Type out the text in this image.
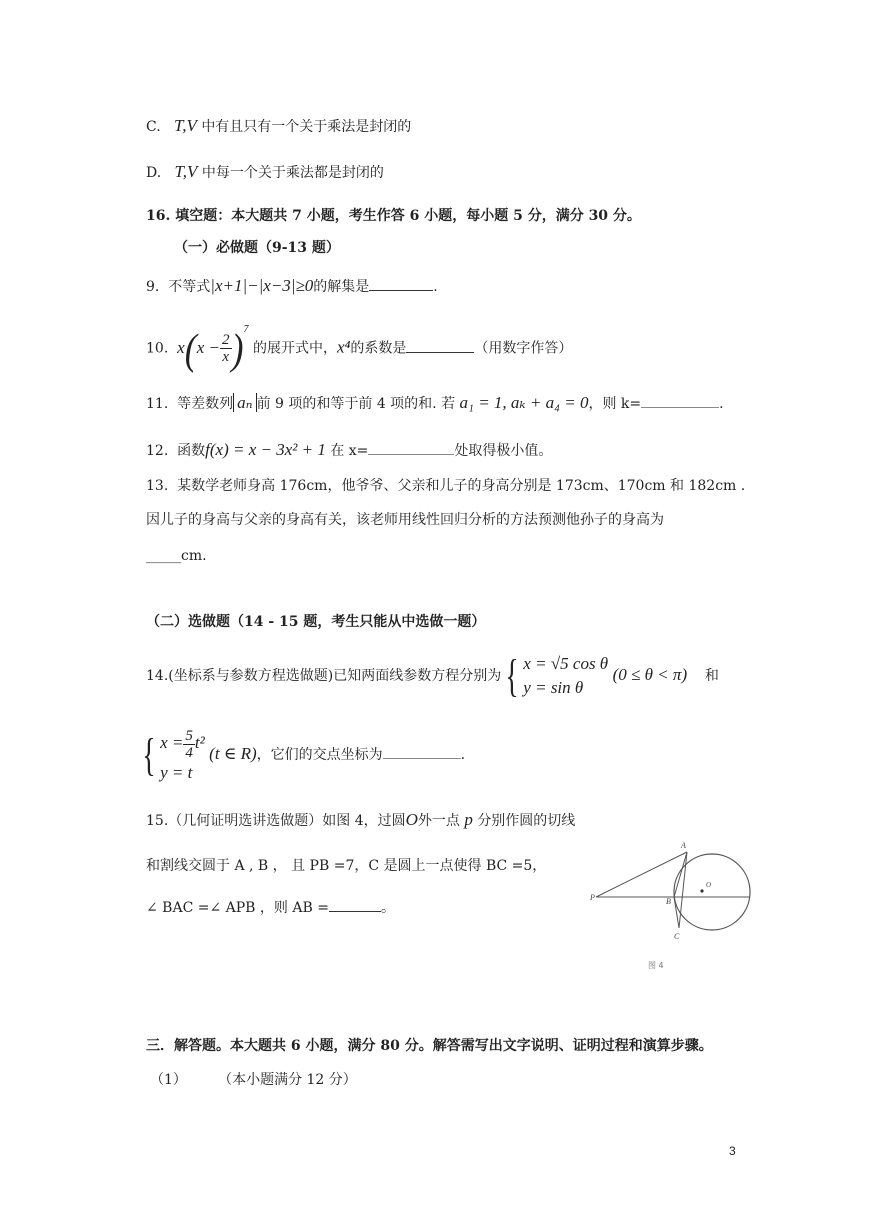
C. T,V 中有且只有一个关于乘法是封闭的
D. T,V 中每一个关于乘法都是封闭的
16. 填空题：本大题共 7 小题，考生作答 6 小题，每小题 5 分，满分 30 分。
（一）必做题（9-13 题）
9. 不等式|x+1|−|x−3|≥0的解集是	.
10. $x(x - \frac{2}{x} )^7$ 的展开式中，x⁴的系数是	（用数字作答）
11. 等差数列 aₙ 前 9 项的和等于前 4 项的和. 若 a₁ = 1, aₖ + a₄ = 0，则 k=	.
12. 函数f(x) = x − 3x² + 1 在 x=	处取得极小值。
13. 某数学老师身高 176cm，他爷爷、父亲和儿子的身高分别是 173cm、170cm 和 182cm .
因儿子的身高与父亲的身高有关，该老师用线性回归分析的方法预测他孙子的身高为
_____cm.
（二）选做题（14 - 15 题，考生只能从中选做一题）
14.(坐标系与参数方程选做题)已知两面线参数方程分别为{ x = √5 cos θ
y = sin θ
(0 ≤ θ < π) 和
{ $x = \frac{5}{4} t^2$
y = t
(t ∈ R)，它们的交点坐标为	.
15.（几何证明选讲选做题）如图 4，过圆O外一点 p 分别作圆的切线
和割线交圆于 A , B ， 且 PB =7，C 是圆上一点使得 BC =5，
∠ BAC =∠ APB ，则 AB =	。
A
B
C
P
O
图 4
三．解答题。本大题共 6 小题，满分 80 分。解答需写出文字说明、证明过程和演算步骤。
（1） （本小题满分 12 分）
3
